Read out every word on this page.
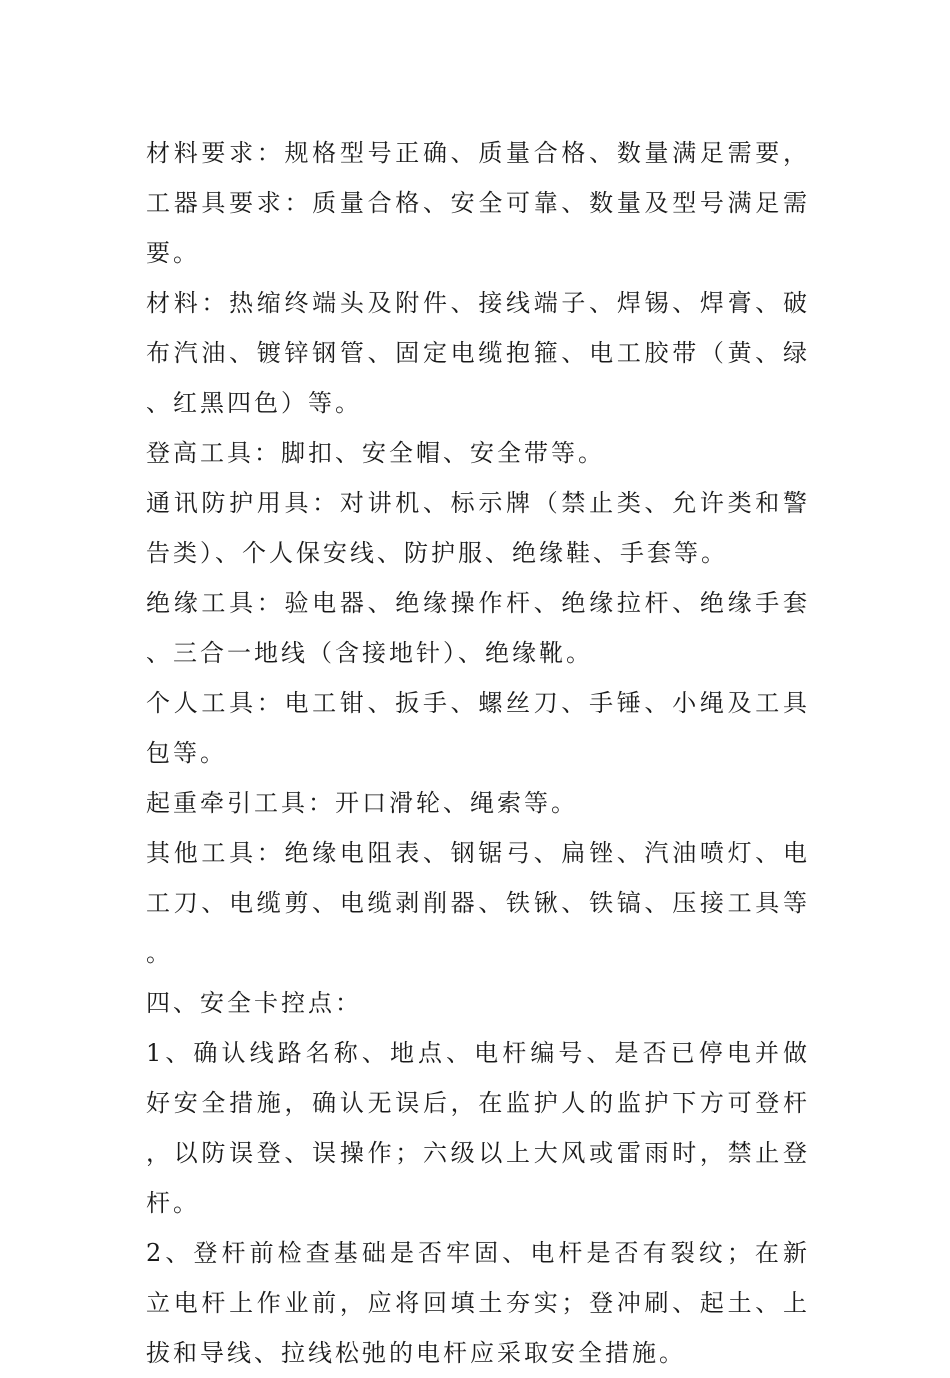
材料要求：规格型号正确、质量合格、数量满足需要，工器具要求：质量合格、安全可靠、数量及型号满足需要。

材料：热缩终端头及附件、接线端子、焊锡、焊膏、破布汽油、镀锌钢管、固定电缆抱箍、电工胶带（黄、绿、红黑四色）等。

登高工具：脚扣、安全帽、安全带等。

通讯防护用具：对讲机、标示牌（禁止类、允许类和警告类）、个人保安线、防护服、绝缘鞋、手套等。

绝缘工具：验电器、绝缘操作杆、绝缘拉杆、绝缘手套、三合一地线（含接地针）、绝缘靴。

个人工具：电工钳、扳手、螺丝刀、手锤、小绳及工具包等。

起重牵引工具：开口滑轮、绳索等。

其他工具：绝缘电阻表、钢锯弓、扁锉、汽油喷灯、电工刀、电缆剪、电缆剥削器、铁锹、铁镐、压接工具等。

四、安全卡控点：

1、确认线路名称、地点、电杆编号、是否已停电并做好安全措施，确认无误后，在监护人的监护下方可登杆，以防误登、误操作；六级以上大风或雷雨时，禁止登杆。

2、登杆前检查基础是否牢固、电杆是否有裂纹；在新立电杆上作业前，应将回填土夯实；登冲刷、起土、上拔和导线、拉线松弛的电杆应采取安全措施。
